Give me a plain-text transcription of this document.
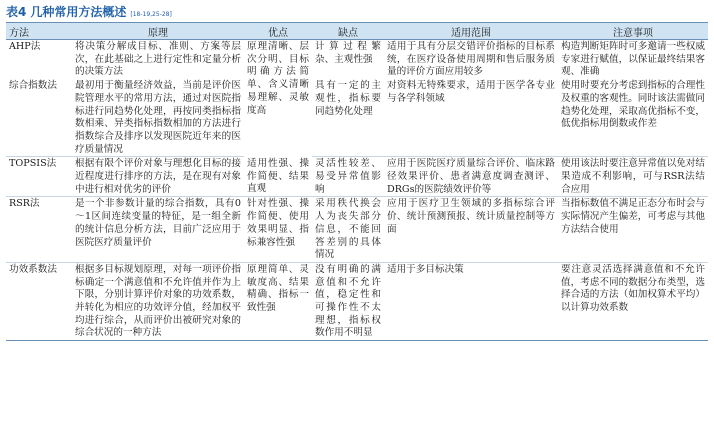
表4 几种常用方法概述 [18-19,25-28]
方法	原理	优点	缺点	适用范围	注意事项
AHP法	将决策分解成目标、准则、方案等层次，在此基础之上进行定性和定量分析的决策方法	原理清晰、层次分明、目标明确方法简单、含义清晰易理解、灵敏度高	计算过程繁杂、主观性强	适用于具有分层交错评价指标的目标系统，在医疗设备使用周期和售后服务质量的评价方面应用较多	构造判断矩阵时可多邀请一些权威专家进行赋值，以保证最终结果客观、准确
综合指数法	最初用于衡量经济效益，当前是评价医院管理水平的常用方法，通过对医院指标进行同趋势化处理，再按同类指标指数相乘、异类指标指数相加的方法进行指数综合及排序以发现医院近年来的医疗质量情况		具有一定的主观性，指标要同趋势化处理	对资料无特殊要求，适用于医学各专业与各学科领域	使用时要充分考虑到指标的合理性及权重的客观性。同时该法需做同趋势化处理，采取高优指标不变，低优指标用倒数或作差
TOPSIS法	根据有限个评价对象与理想化目标的接近程度进行排序的方法，是在现有对象中进行相对优劣的评价	适用性强、操作简便、结果直观	灵活性较差、易受异常值影响	应用于医院医疗质量综合评价、临床路径效果评价、患者满意度调查测评、DRGs的医院绩效评价等	使用该法时要注意异常值以免对结果造成不利影响，可与RSR法结合应用
RSR法	是一个非参数计量的综合指数，具有0～1区间连续变量的特征，是一组全新的统计信息分析方法，目前广泛应用于医院医疗质量评价	针对性强、操作简便、使用效果明显、指标兼容性强	采用秩代换会人为丧失部分信息，不能回答差别的具体情况	应用于医疗卫生领域的多指标综合评价、统计预测预报、统计质量控制等方面	当指标数值不满足正态分布时会与实际情况产生偏差，可考虑与其他方法结合使用
功效系数法	根据多目标规划原理，对每一项评价指标确定一个满意值和不允许值并作为上下限，分别计算评价对象的功效系数，并转化为相应的功效评分值，经加权平均进行综合，从而评价出被研究对象的综合状况的一种方法	原理简单、灵敏度高、结果精确、指标一致性强	没有明确的满意值和不允许值，稳定性和可操作性不太理想，指标权数作用不明显	适用于多目标决策	要注意灵活选择满意值和不允许值，考虑不同的数据分布类型，选择合适的方法（如加权算术平均）以计算功效系数
